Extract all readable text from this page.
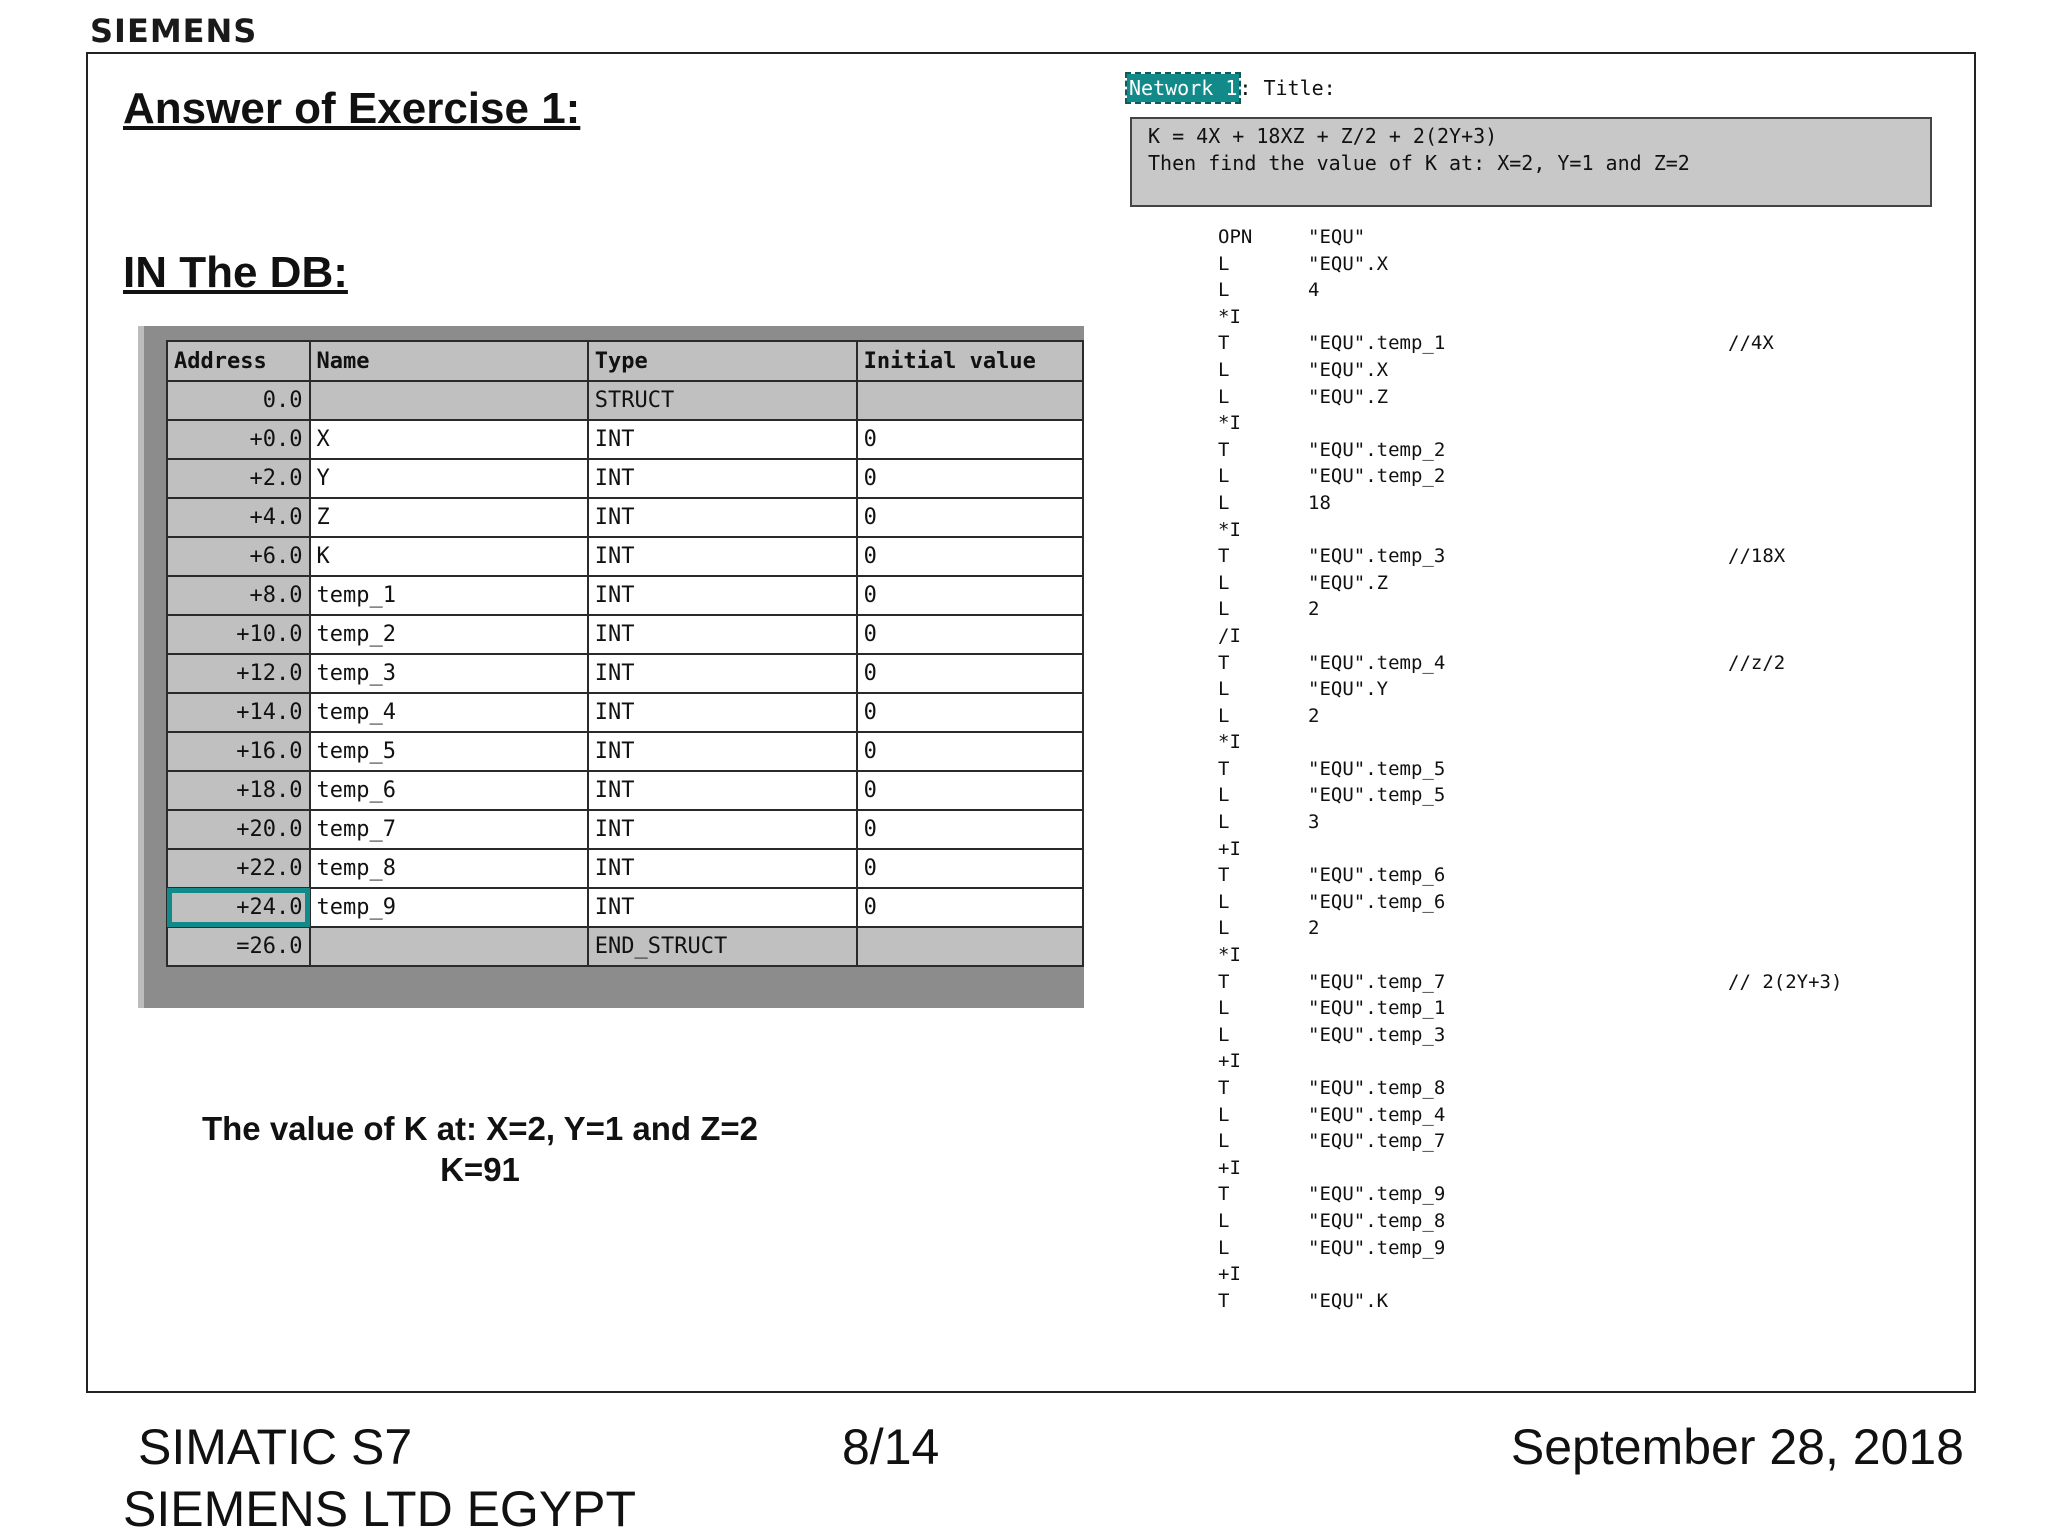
SIEMENS
Answer of Exercise 1:
IN The DB:
Address	Name	Type	Initial value
0.0		STRUCT	
+0.0	X	INT	0
+2.0	Y	INT	0
+4.0	Z	INT	0
+6.0	K	INT	0
+8.0	temp_1	INT	0
+10.0	temp_2	INT	0
+12.0	temp_3	INT	0
+14.0	temp_4	INT	0
+16.0	temp_5	INT	0
+18.0	temp_6	INT	0
+20.0	temp_7	INT	0
+22.0	temp_8	INT	0
+24.0	temp_9	INT	0
=26.0		END_STRUCT	
The value of K at: X=2, Y=1 and Z=2
K=91
Network 1 : Title:
K = 4X + 18XZ + Z/2 + 2(2Y+3)
Then find the value of K at: X=2, Y=1 and Z=2
OPN	"EQU"
L	"EQU".X
L	4
*I
T	"EQU".temp_1	//4X
L	"EQU".X
L	"EQU".Z
*I
T	"EQU".temp_2
L	"EQU".temp_2
L	18
*I
T	"EQU".temp_3	//18X
L	"EQU".Z
L	2
/I
T	"EQU".temp_4	//z/2
L	"EQU".Y
L	2
*I
T	"EQU".temp_5
L	"EQU".temp_5
L	3
+I
T	"EQU".temp_6
L	"EQU".temp_6
L	2
*I
T	"EQU".temp_7	// 2(2Y+3)
L	"EQU".temp_1
L	"EQU".temp_3
+I
T	"EQU".temp_8
L	"EQU".temp_4
L	"EQU".temp_7
+I
T	"EQU".temp_9
L	"EQU".temp_8
L	"EQU".temp_9
+I
T	"EQU".K
SIMATIC S7
SIEMENS LTD EGYPT
8/14	September 28, 2018
